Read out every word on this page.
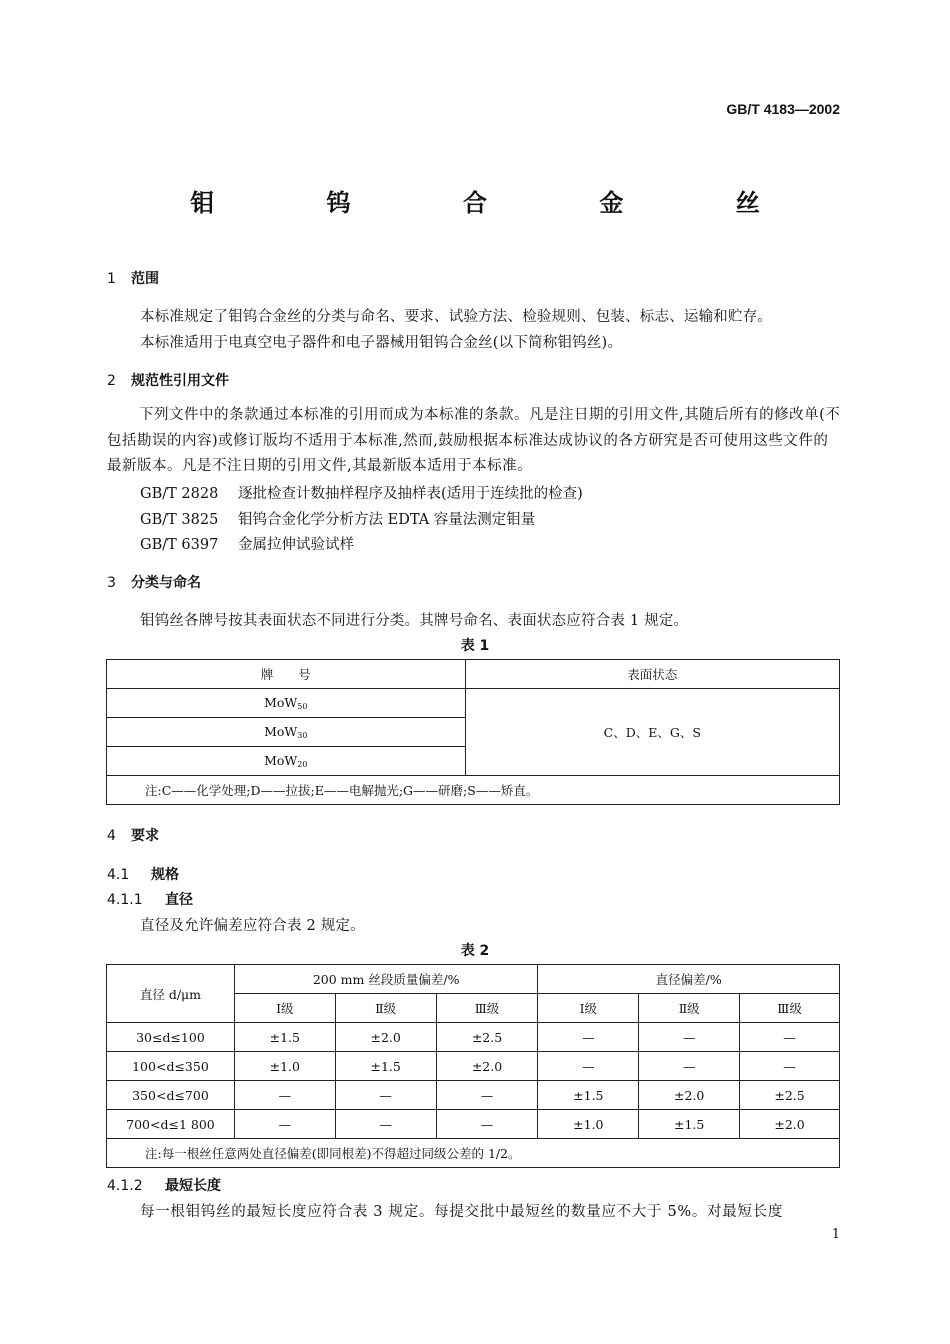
GB/T 4183—2002
钼 钨 合 金 丝
1 范围
本标准规定了钼钨合金丝的分类与命名、要求、试验方法、检验规则、包装、标志、运输和贮存。
本标准适用于电真空电子器件和电子器械用钼钨合金丝(以下简称钼钨丝)。
2 规范性引用文件
下列文件中的条款通过本标准的引用而成为本标准的条款。凡是注日期的引用文件,其随后所有的修改单(不包括勘误的内容)或修订版均不适用于本标准,然而,鼓励根据本标准达成协议的各方研究是否可使用这些文件的最新版本。凡是不注日期的引用文件,其最新版本适用于本标准。
GB/T 2828 逐批检查计数抽样程序及抽样表(适用于连续批的检查)
GB/T 3825 钼钨合金化学分析方法 EDTA 容量法测定钼量
GB/T 6397 金属拉伸试验试样
3 分类与命名
钼钨丝各牌号按其表面状态不同进行分类。其牌号命名、表面状态应符合表 1 规定。
表 1
牌　　号	表面状态
MoW$_{50}$	C、D、E、G、S
MoW$_{30}$
MoW$_{20}$
注:C——化学处理;D——拉拔;E——电解抛光;G——研磨;S——矫直。	
4 要求
4.1 规格
4.1.1 直径
直径及允许偏差应符合表 2 规定。
表 2
直径 d/μm	200 mm 丝段质量偏差/%			直径偏差/%		
	Ⅰ级	Ⅱ级	Ⅲ级	Ⅰ级	Ⅱ级	Ⅲ级
30≤d≤100	±1.5	±2.0	±2.5	—	—	—
100<d≤350	±1.0	±1.5	±2.0	—	—	—
350<d≤700	—	—	—	±1.5	±2.0	±2.5
700<d≤1 800	—	—	—	±1.0	±1.5	±2.0
注:每一根丝任意两处直径偏差(即同根差)不得超过同级公差的 1/2。						
4.1.2 最短长度
每一根钼钨丝的最短长度应符合表 3 规定。每提交批中最短丝的数量应不大于 5%。对最短长度
1
